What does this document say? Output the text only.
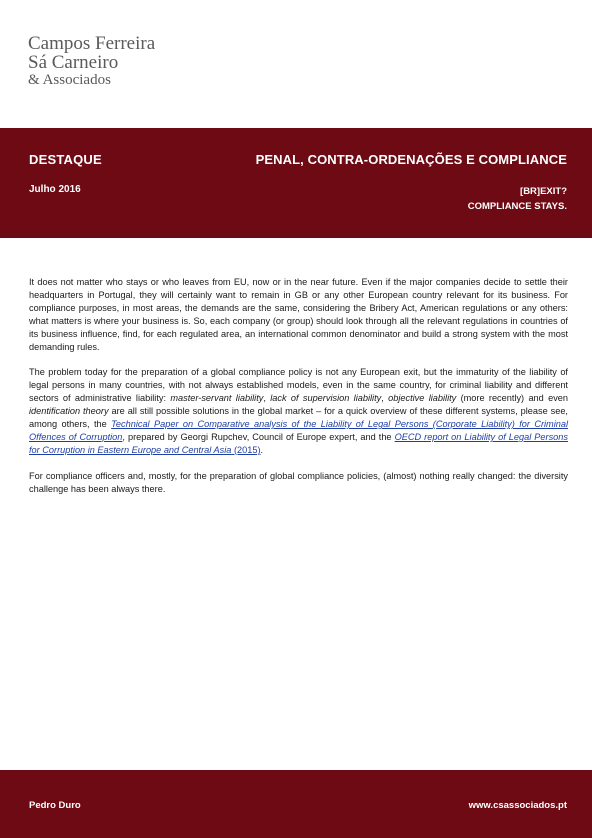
Campos Ferreira
Sá Carneiro
& Associados
DESTAQUE	PENAL, CONTRA-ORDENAÇÕES E COMPLIANCE
Julho 2016	[BR]EXIT?
COMPLIANCE STAYS.

It does not matter who stays or who leaves from EU, now or in the near future. Even if the major companies decide to settle their headquarters in Portugal, they will certainly want to remain in GB or any other European country relevant for its business. For compliance purposes, in most areas, the demands are the same, considering the Bribery Act, American regulations or any others: what matters is where your business is. So, each company (or group) should look through all the relevant regulations in countries of its business influence, find, for each regulated area, an international common denominator and build a strong system with the most demanding rules.

The problem today for the preparation of a global compliance policy is not any European exit, but the immaturity of the liability of legal persons in many countries, with not always established models, even in the same country, for criminal liability and different sectors of administrative liability: master-servant liability, lack of supervision liability, objective liability (more recently) and even identification theory are all still possible solutions in the global market – for a quick overview of these different systems, please see, among others, the Technical Paper on Comparative analysis of the Liability of Legal Persons (Corporate Liability) for Criminal Offences of Corruption, prepared by Georgi Rupchev, Council of Europe expert, and the OECD report on Liability of Legal Persons for Corruption in Eastern Europe and Central Asia (2015).

For compliance officers and, mostly, for the preparation of global compliance policies, (almost) nothing really changed: the diversity challenge has been always there.

Pedro Duro	www.csassociados.pt
